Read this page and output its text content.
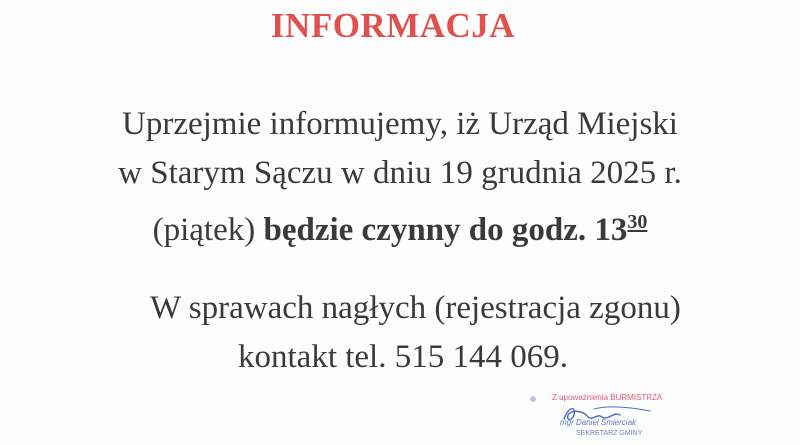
INFORMACJA
Uprzejmie informujemy, iż Urząd Miejski
w Starym Sączu w dniu 19 grudnia 2025 r.
(piątek) będzie czynny do godz. $13^{30}$
W sprawach nagłych (rejestracja zgonu)
kontakt tel. 515 144 069.
Z upoważnienia BURMISTRZA
mgr Daniel Śmierciak
SEKRETARZ GMINY
